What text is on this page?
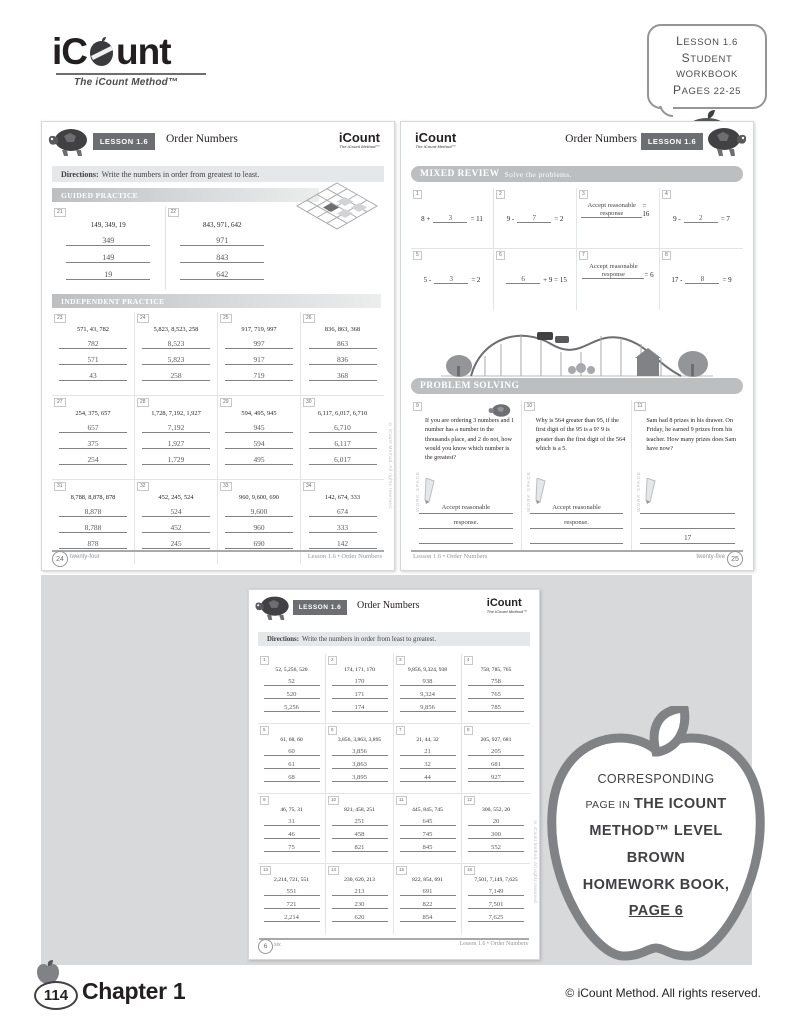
iC unt
The iCount Method™
LESSON 1.6
STUDENT WORKBOOK
PAGES 22-25
LESSON 1.6	Order Numbers	iCount
The iCount Method™
Directions: Write the numbers in order from greatest to least.
GUIDED PRACTICE
21
149, 349, 19
349
149
19
22
843, 971, 642
971
843
642
INDEPENDENT PRACTICE
23
571, 43, 782
782
571
43
24
5,823, 8,523, 258
8,523
5,823
258
25
917, 719, 997
997
917
719
26
836, 863, 368
863
836
368
27
254, 375, 657
657
375
254
28
1,728, 7,192, 1,927
7,192
1,927
1,729
29
594, 495, 945
945
594
495
30
6,117, 6,017, 6,710
6,710
6,117
6,017
31
8,788, 8,878, 878
8,878
8,788
878
32
452, 245, 524
524
452
245
33
960, 9,600, 690
9,600
960
690
34
142, 674, 333
674
333
142
24	twenty-four	Lesson 1.6 • Order Numbers
© iCount Method. All rights reserved.
iCount
The iCount Method™
Order Numbers	LESSON 1.6
MIXED REVIEW Solve the problems.
1
8 +	3	= 11
2
9 -	7	= 2
3
Accept reasonable response
= 16
4
9 -	2	= 7
5
5 -	3	= 2
6
6	+ 9 = 15
7
Accept reasonable response	= 6
8
17 -	8	= 9
PROBLEM SOLVING
9
If you are ordering 3 numbers and 1 number has a number in the thousands place, and 2 do not, how would you know which number is the greatest?
WORK SPACE	Accept reasonable
response.
10
Why is 564 greater than 95, if the first digit of the 95 is a 9? 9 is greater than the first digit of the 564 which is a 5.
WORK SPACE	Accept reasonable
response.
11
Sam had 8 prizes in his drawer. On Friday, he earned 9 prizes from his teacher. How many prizes does Sam have now?
WORK SPACE
17
Lesson 1.6 • Order Numbers	twenty-five 25
LESSON 1.6	Order Numbers	iCount
The iCount Method™
Directions: Write the numbers in order from least to greatest.
1
52, 5,256, 520
52
520
5,256
2
174, 171, 170
170
171
174
3
9,856, 9,324, 938
938
9,324
9,856
4
758, 785, 765
758
765
785
5
61, 68, 60
60
61
68
6
3,856, 3,863, 3,895
3,856
3,863
3,895
7
21, 44, 32
21
32
44
8
205, 927, 681
205
681
927
9
46, 75, 31
31
46
75
10
821, 458, 251
251
458
821
11
445, 845, 745
645
745
845
12
300, 552, 20
20
300
552
13
2,214, 721, 551
551
721
2,214
14
230, 620, 213
213
230
620
15
822, 854, 691
691
822
854
16
7,501, 7,149, 7,625
7,149
7,501
7,625
6	six	Lesson 1.6 • Order Numbers
© iCount Method. All rights reserved.
CORRESPONDING
PAGE IN THE ICOUNT
METHOD™ LEVEL BROWN
HOMEWORK BOOK,
PAGE 6
114 Chapter 1	© iCount Method. All rights reserved.
